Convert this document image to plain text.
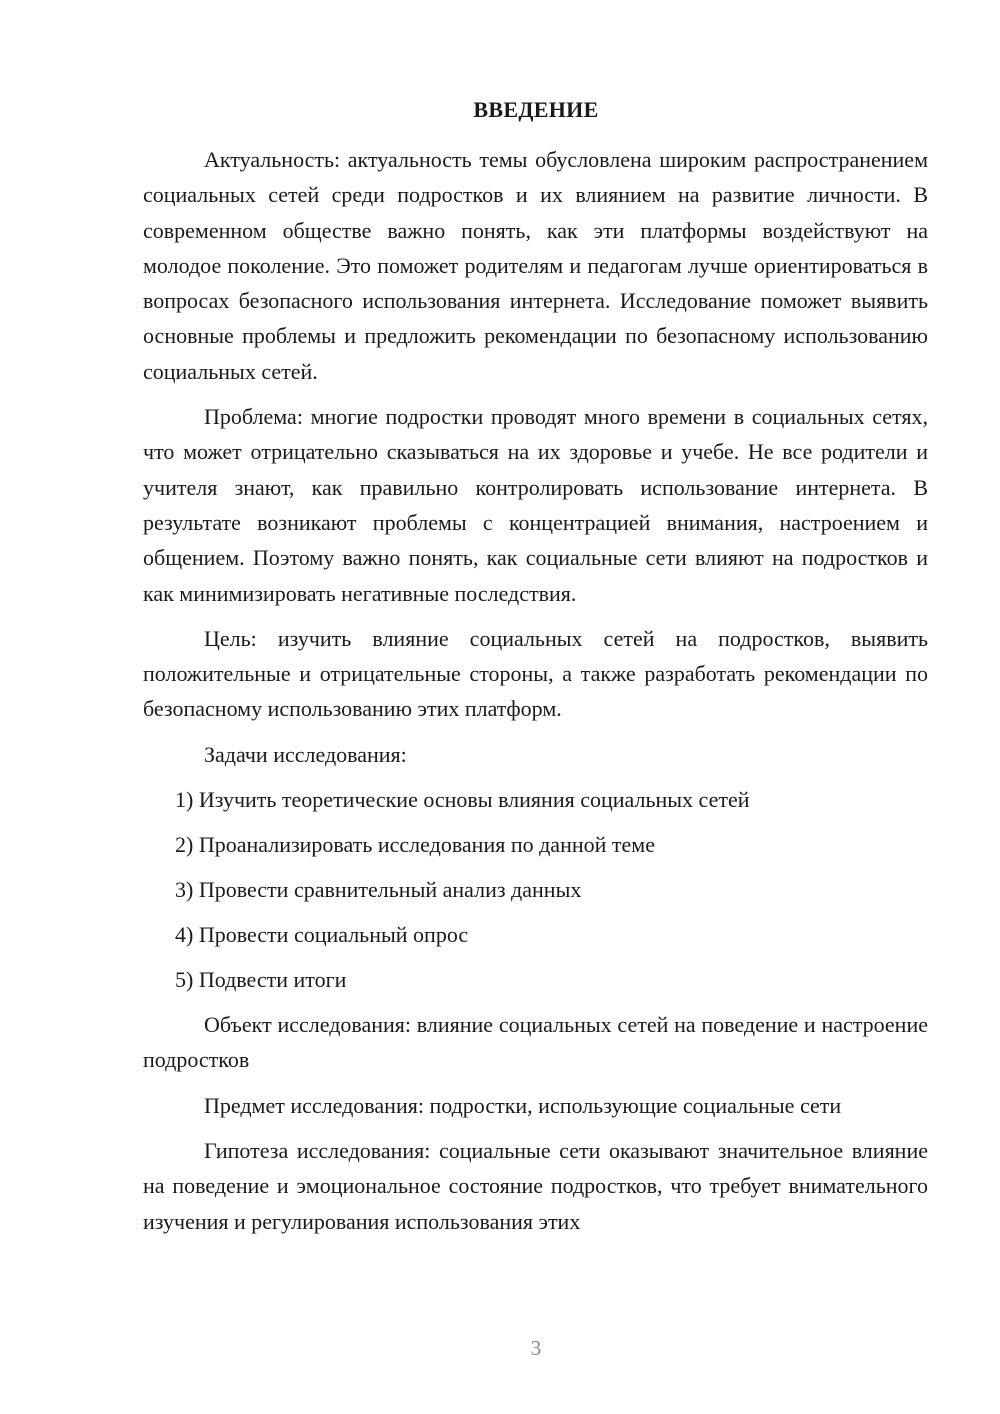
ВВЕДЕНИЕ

Актуальность: актуальность темы обусловлена широким распространением социальных сетей среди подростков и их влиянием на развитие личности. В современном обществе важно понять, как эти платформы воздействуют на молодое поколение. Это поможет родителям и педагогам лучше ориентироваться в вопросах безопасного использования интернета. Исследование поможет выявить основные проблемы и предложить рекомендации по безопасному использованию социальных сетей.

Проблема: многие подростки проводят много времени в социальных сетях, что может отрицательно сказываться на их здоровье и учебе. Не все родители и учителя знают, как правильно контролировать использование интернета. В результате возникают проблемы с концентрацией внимания, настроением и общением. Поэтому важно понять, как социальные сети влияют на подростков и как минимизировать негативные последствия.

Цель: изучить влияние социальных сетей на подростков, выявить положительные и отрицательные стороны, а также разработать рекомендации по безопасному использованию этих платформ.

Задачи исследования:

1) Изучить теоретические основы влияния социальных сетей

2) Проанализировать исследования по данной теме

3) Провести сравнительный анализ данных

4) Провести социальный опрос

5) Подвести итоги

Объект исследования: влияние социальных сетей на поведение и настроение подростков

Предмет исследования: подростки, использующие социальные сети

Гипотеза исследования: социальные сети оказывают значительное влияние на поведение и эмоциональное состояние подростков, что требует внимательного изучения и регулирования использования этих

3
